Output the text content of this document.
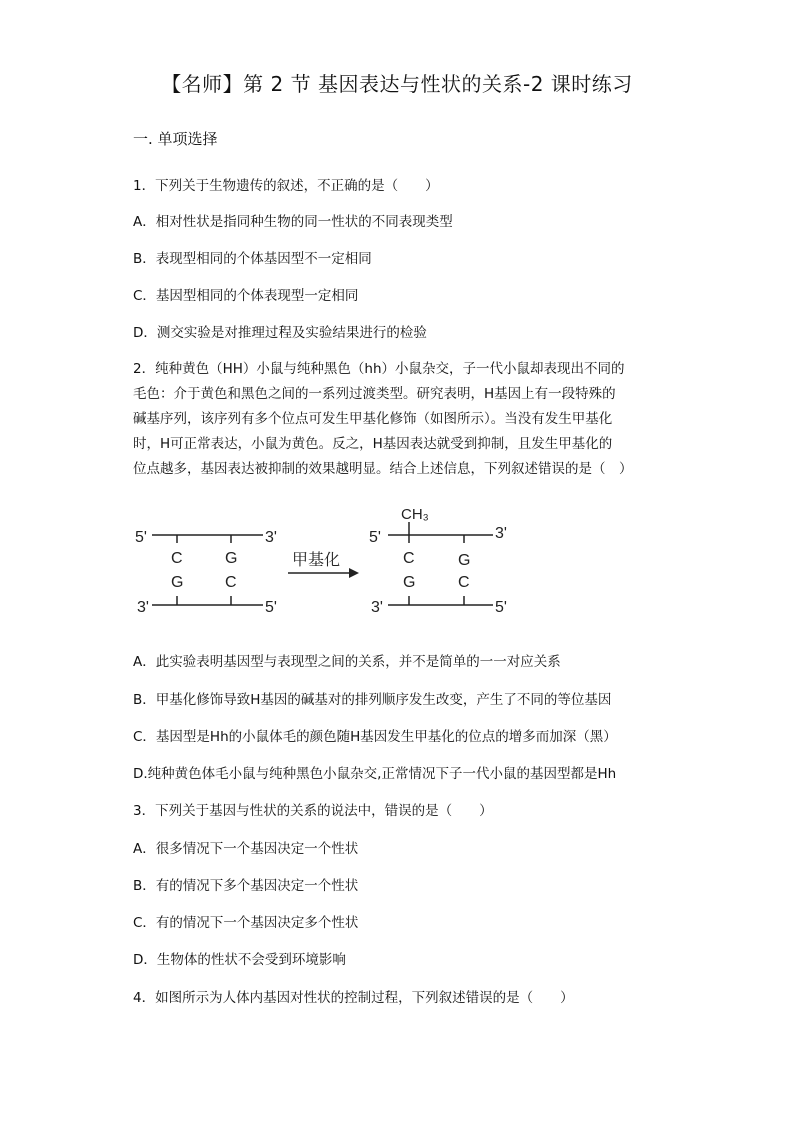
【名师】第 2 节 基因表达与性状的关系-2 课时练习
一. 单项选择
1．下列关于生物遗传的叙述，不正确的是（　　）
A．相对性状是指同种生物的同一性状的不同表现类型
B．表现型相同的个体基因型不一定相同
C．基因型相同的个体表现型一定相同
D．测交实验是对推理过程及实验结果进行的检验
2．纯种黄色（HH）小鼠与纯种黑色（hh）小鼠杂交，子一代小鼠却表现出不同的
毛色：介于黄色和黑色之间的一系列过渡类型。研究表明，H基因上有一段特殊的
碱基序列，该序列有多个位点可发生甲基化修饰（如图所示）。当没有发生甲基化
时，H可正常表达，小鼠为黄色。反之，H基因表达就受到抑制，且发生甲基化的
位点越多，基因表达被抑制的效果越明显。结合上述信息，下列叙述错误的是（　）
5'	3'
3'	5'
C
G
G
C
甲基化
CH₃
5'	3'
3'	5'
C
G
G
C
A．此实验表明基因型与表现型之间的关系，并不是简单的一一对应关系
B．甲基化修饰导致H基因的碱基对的排列顺序发生改变，产生了不同的等位基因
C．基因型是Hh的小鼠体毛的颜色随H基因发生甲基化的位点的增多而加深（黑）
D.纯种黄色体毛小鼠与纯种黑色小鼠杂交,正常情况下子一代小鼠的基因型都是Hh
3．下列关于基因与性状的关系的说法中，错误的是（　　）
A．很多情况下一个基因决定一个性状
B．有的情况下多个基因决定一个性状
C．有的情况下一个基因决定多个性状
D．生物体的性状不会受到环境影响
4．如图所示为人体内基因对性状的控制过程，下列叙述错误的是（　　）
